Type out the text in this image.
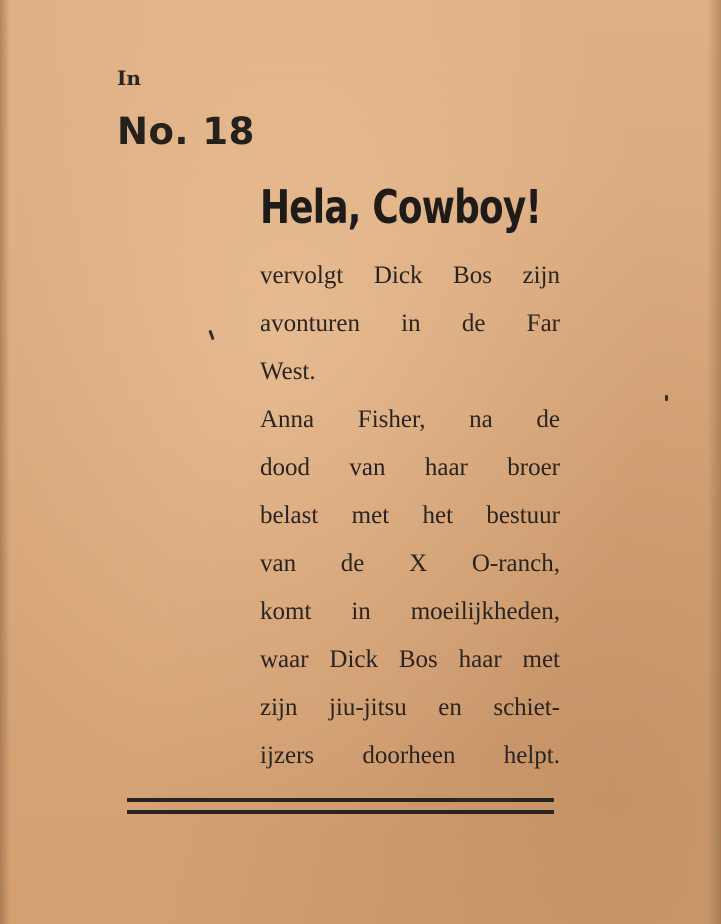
In

No. 18

Hela, Cowboy!
vervolgt Dick Bos zijn
avonturen in de Far
West.
Anna Fisher, na de
dood van haar broer
belast met het bestuur
van de X O-ranch,
komt in moeilijkheden,
waar Dick Bos haar met
zijn jiu-jitsu en schiet-
ijzers doorheen helpt.
